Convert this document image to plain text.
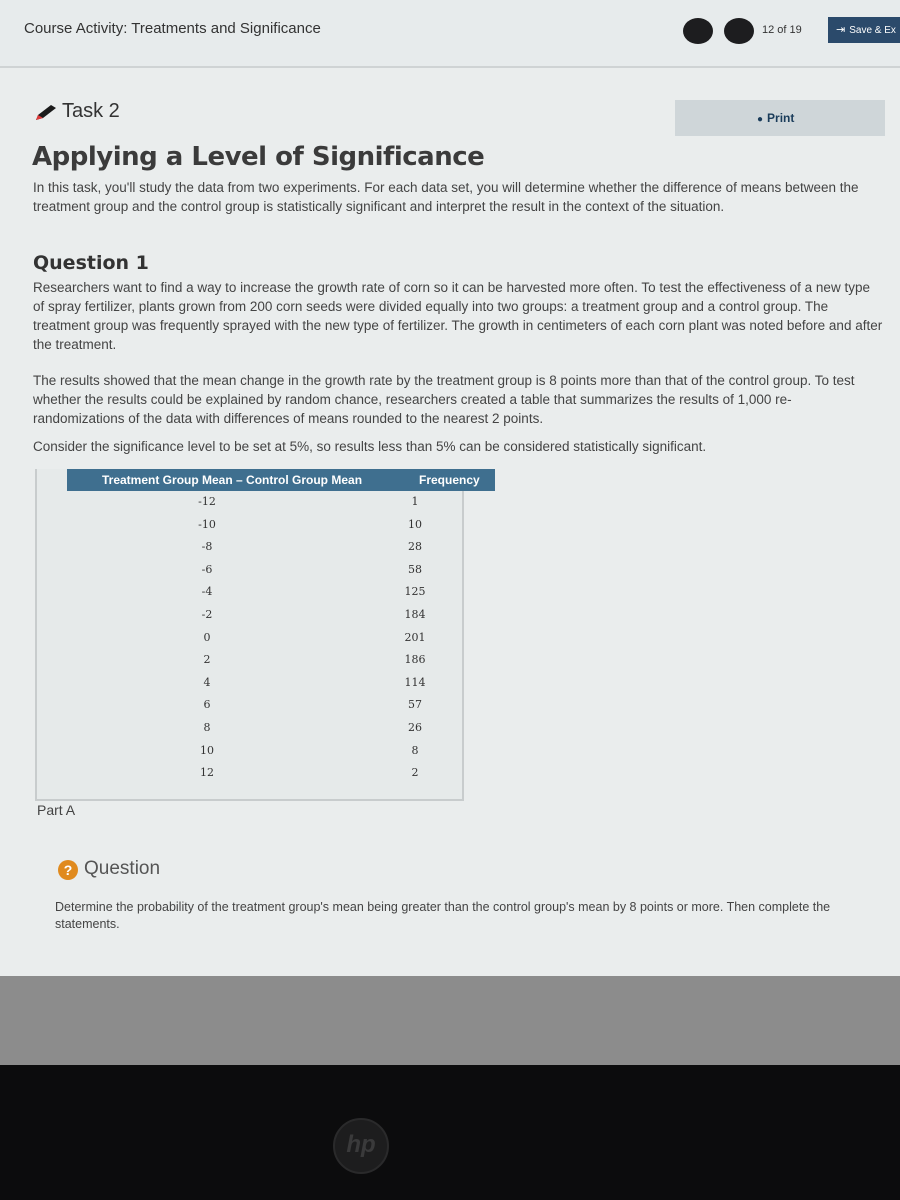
Course Activity: Treatments and Significance	12 of 19	⇥ Save & Ex
Task 2	● Print
Applying a Level of Significance

In this task, you'll study the data from two experiments. For each data set, you will determine whether the difference of means between the treatment group and the control group is statistically significant and interpret the result in the context of the situation.

Question 1

Researchers want to find a way to increase the growth rate of corn so it can be harvested more often. To test the effectiveness of a new type of spray fertilizer, plants grown from 200 corn seeds were divided equally into two groups: a treatment group and a control group. The treatment group was frequently sprayed with the new type of fertilizer. The growth in centimeters of each corn plant was noted before and after the treatment.

The results showed that the mean change in the growth rate by the treatment group is 8 points more than that of the control group. To test whether the results could be explained by random chance, researchers created a table that summarizes the results of 1,000 re-randomizations of the data with differences of means rounded to the nearest 2 points.

Consider the significance level to be set at 5%, so results less than 5% can be considered statistically significant.

Treatment Group Mean – Control Group Mean	Frequency
-12	1
-10	10
-8	28
-6	58
-4	125
-2	184
0	201
2	186
4	114
6	57
8	26
10	8
12	2
Part A
? Question

Determine the probability of the treatment group's mean being greater than the control group's mean by 8 points or more. Then complete the statements.

hp
